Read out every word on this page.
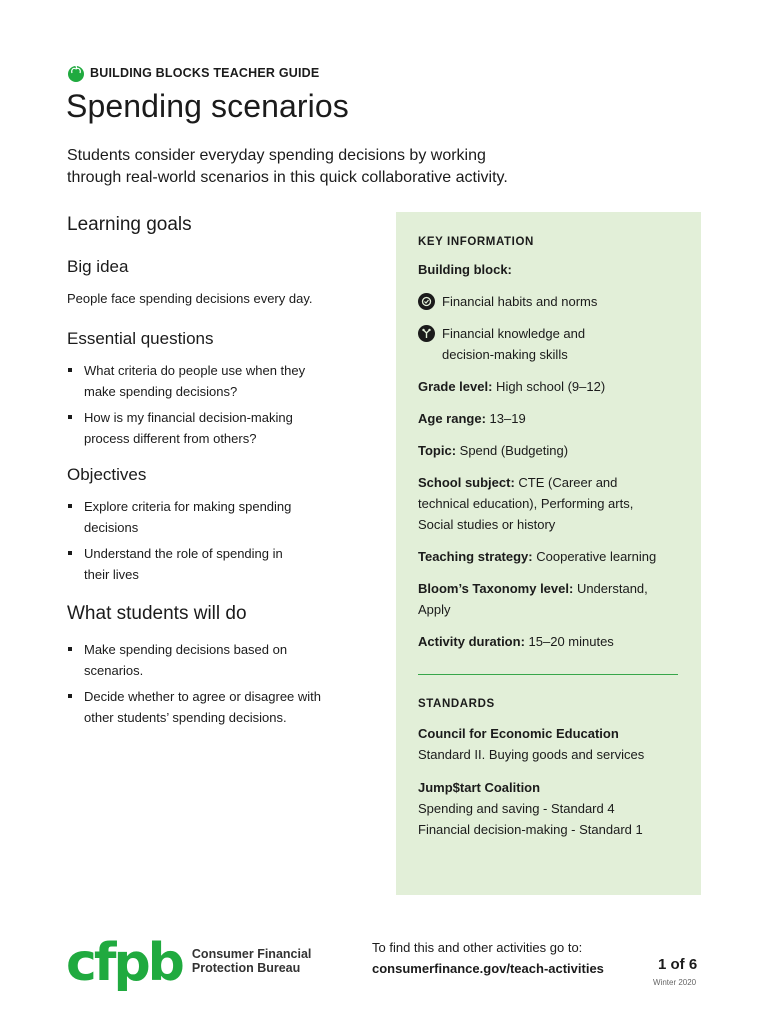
BUILDING BLOCKS TEACHER GUIDE
Spending scenarios
Students consider everyday spending decisions by working
through real-world scenarios in this quick collaborative activity.
Learning goals
Big idea
People face spending decisions every day.
Essential questions
What criteria do people use when they
make spending decisions?
How is my financial decision-making
process different from others?
Objectives
Explore criteria for making spending
decisions
Understand the role of spending in
their lives
What students will do
Make spending decisions based on
scenarios.
Decide whether to agree or disagree with
other students’ spending decisions.
KEY INFORMATION
Building block:
Financial habits and norms
Financial knowledge and
decision-making skills
Grade level: High school (9–12)
Age range: 13–19
Topic: Spend (Budgeting)
School subject: CTE (Career and
technical education), Performing arts,
Social studies or history
Teaching strategy: Cooperative learning
Bloom’s Taxonomy level: Understand,
Apply
Activity duration: 15–20 minutes
STANDARDS
Council for Economic Education
Standard II. Buying goods and services
Jump$tart Coalition
Spending and saving - Standard 4
Financial decision-making - Standard 1
cfpb Consumer Financial
Protection Bureau
To find this and other activities go to:
consumerfinance.gov/teach-activities	1 of 6
Winter 2020
